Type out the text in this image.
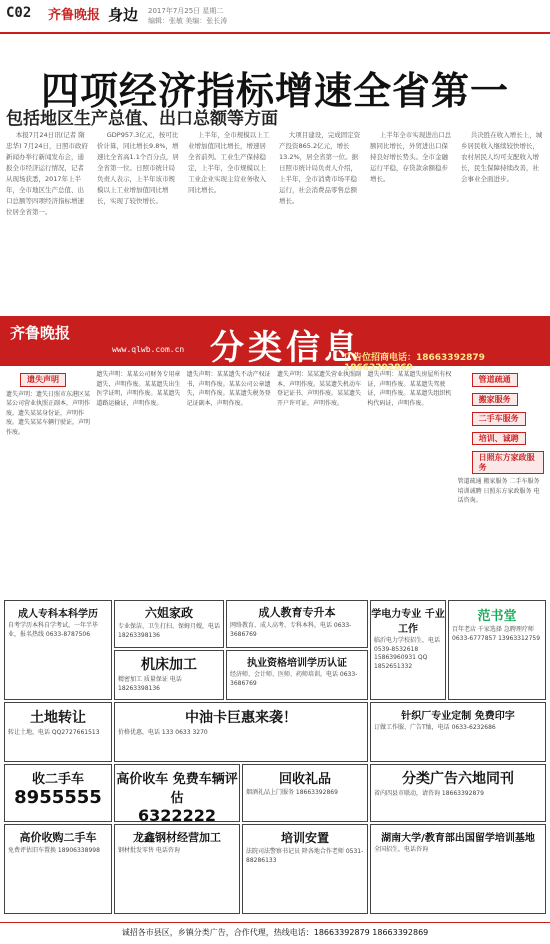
C02 齐鲁晚报 身边 2017年7月25日 星期二
编辑：张敏 美编：张长涛
四项经济指标增速全省第一
包括地区生产总值、出口总额等方面

本报7月24日讯(记者 隋忠华) 7月24日，日照市政府新闻办举行新闻发布会，通报全市经济运行情况，记者从现场获悉，2017年上半年，全市地区生产总值、出口总额等四项经济指标增速位居全省第一。

GDP957.3亿元，按可比价计算，同比增长9.8%，增速比全省高1.1个百分点，居全省第一位。日照市统计局负责人表示，上半年该市规模以上工业增加值同比增长，实现了较快增长。

上半年，全市规模以上工业增加值同比增长，增速居全省前列。工业生产保持稳定，上半年，全市规模以上工业企业实现主营业务收入同比增长。

大项目建设，完成固定资产投资865.2亿元，增长13.2%，居全省第一位。据日照市统计局负责人介绍，上半年，全市消费市场平稳运行，社会消费品零售总额增长。

上半年全市实现进出口总额同比增长，外贸进出口保持良好增长势头。全市金融运行平稳，存贷款余额稳步增长。

共决胜在收入增长上，城乡居民收入继续较快增长，农村居民人均可支配收入增长，民生保障持续改善，社会事业全面进步。

齐鲁晚报
www.qlwb.com.cn 分类信息
广告位招商电话：18663392879 18663392869
遗失声明
遗失声明：遗失日照市东港区某某公司营业执照正副本，声明作废。遗失某某身份证，声明作废。遗失某某车辆行驶证，声明作废。
遗失声明：某某公司财务专用章遗失，声明作废。某某遗失出生医学证明，声明作废。某某遗失道路运输证，声明作废。
遗失声明：某某遗失不动产权证书，声明作废。某某公司公章遗失，声明作废。某某遗失税务登记证副本，声明作废。
遗失声明：某某遗失营业执照副本，声明作废。某某遗失机动车登记证书，声明作废。某某遗失开户许可证，声明作废。
遗失声明：某某遗失房屋所有权证，声明作废。某某遗失驾驶证，声明作废。某某遗失组织机构代码证，声明作废。
管道疏通 搬家服务 二手车服务 培训、诚聘 日照东方家政服务
管道疏通 搬家服务 二手车服务 培训诚聘 日照东方家政服务 电话咨询。
成人专科本科学历
自考学历本科自学考试，一年半毕业，报名热线 0633-8787506
六姐家政
专业保洁、卫生打扫、保姆月嫂，电话 18263398136
成人教育专升本
网络教育、成人高考、专科本科，电话 0633-3686769
学电力专业 千业工作
临沂电力学校招生，电话 0539-8532618 15863960931 QQ 1852651332
范书堂
百年老店 千家选择 急聘理疗师 0633-6777857 13963312759
机床加工
精密加工 质量保证 电话 18263398136
执业资格培训学历认证
经济师、会计师、医师、药师培训，电话 0633-3686769
土地转让
转让土地，电话 QQ2727661513
中油卡巨惠来袭！
价格优惠，电话 133 0633 3270
针织厂专业定制 免费印字
订做工作服、广告T恤，电话 0633-6232686
收二手车
8955555
高价收车 免费车辆评估
6322222
回收礼品
烟酒礼品上门服务 18663392869
分类广告六地同刊
省内四县市联动，请咨询 18663392879
高价收购二手车
免费评估旧车置换 18906338998
龙鑫钢材经营加工
钢材批发零售 电话咨询
培训安置
法院司法警察书记员 降各地合作老师 0531-88286133
湖南大学/教育部出国留学培训基地
全国招生，电话咨询
诚招各市县区，乡镇分类广告，合作代理，热线电话：18663392879 18663392869
